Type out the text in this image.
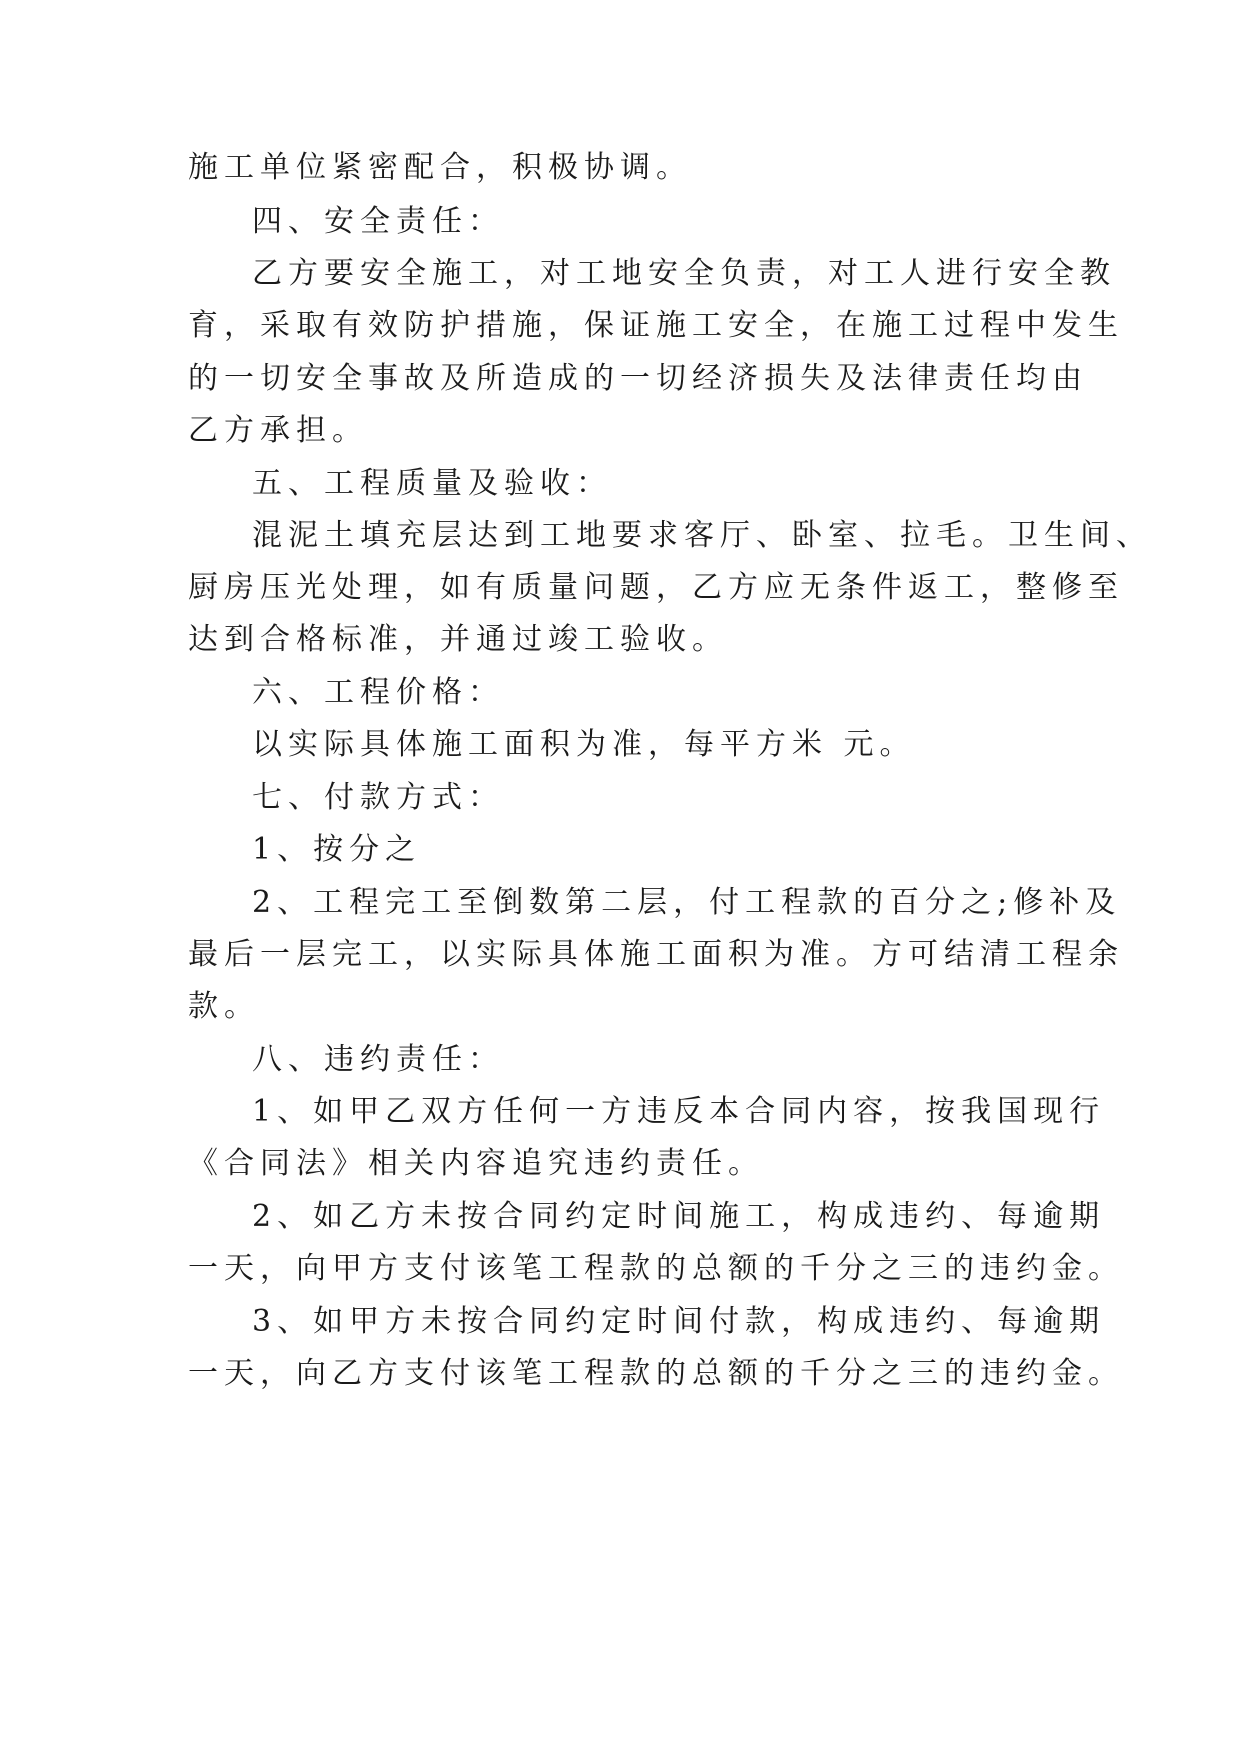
施工单位紧密配合，积极协调。
四、安全责任：
乙方要安全施工，对工地安全负责，对工人进行安全教
育，采取有效防护措施，保证施工安全，在施工过程中发生
的一切安全事故及所造成的一切经济损失及法律责任均由
乙方承担。
五、工程质量及验收：
混泥土填充层达到工地要求客厅、卧室、拉毛。卫生间、
厨房压光处理，如有质量问题，乙方应无条件返工，整修至
达到合格标准，并通过竣工验收。
六、工程价格：
以实际具体施工面积为准，每平方米 元。
七、付款方式：
1、按分之
2、工程完工至倒数第二层，付工程款的百分之;修补及
最后一层完工，以实际具体施工面积为准。方可结清工程余
款。
八、违约责任：
1、如甲乙双方任何一方违反本合同内容，按我国现行
《合同法》相关内容追究违约责任。
2、如乙方未按合同约定时间施工，构成违约、每逾期
一天，向甲方支付该笔工程款的总额的千分之三的违约金。
3、如甲方未按合同约定时间付款，构成违约、每逾期
一天，向乙方支付该笔工程款的总额的千分之三的违约金。
